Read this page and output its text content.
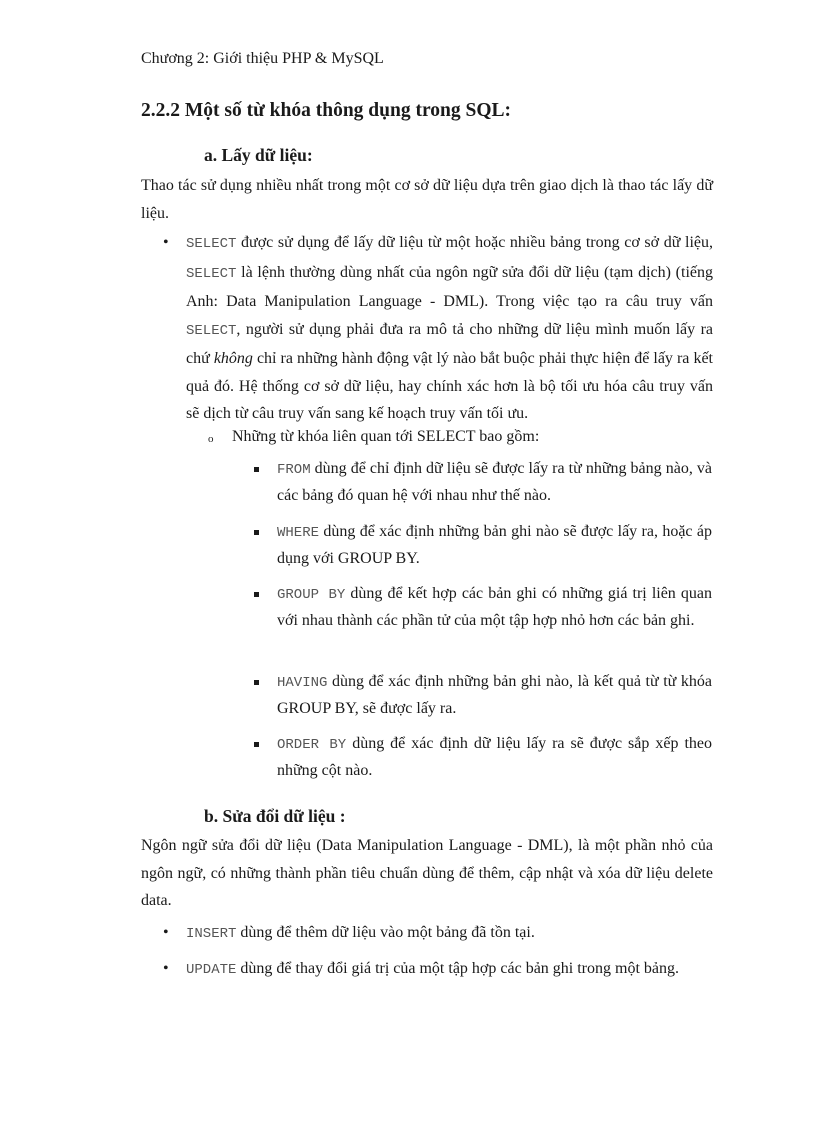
Chương 2: Giới thiệu PHP & MySQL
2.2.2 Một số từ khóa thông dụng trong SQL:
a. Lấy dữ liệu:
Thao tác sử dụng nhiều nhất trong một cơ sở dữ liệu dựa trên giao dịch là thao tác lấy dữ liệu.
• SELECT được sử dụng để lấy dữ liệu từ một hoặc nhiều bảng trong cơ sở dữ liệu, SELECT là lệnh thường dùng nhất của ngôn ngữ sửa đổi dữ liệu (tạm dịch) (tiếng Anh: Data Manipulation Language - DML). Trong việc tạo ra câu truy vấn SELECT, người sử dụng phải đưa ra mô tả cho những dữ liệu mình muốn lấy ra chứ không chỉ ra những hành động vật lý nào bắt buộc phải thực hiện để lấy ra kết quả đó. Hệ thống cơ sở dữ liệu, hay chính xác hơn là bộ tối ưu hóa câu truy vấn sẽ dịch từ câu truy vấn sang kế hoạch truy vấn tối ưu.
o Những từ khóa liên quan tới SELECT bao gồm:
FROM dùng để chỉ định dữ liệu sẽ được lấy ra từ những bảng nào, và các bảng đó quan hệ với nhau như thế nào.
WHERE dùng để xác định những bản ghi nào sẽ được lấy ra, hoặc áp dụng với GROUP BY.
GROUP BY dùng để kết hợp các bản ghi có những giá trị liên quan với nhau thành các phần tử của một tập hợp nhỏ hơn các bản ghi.
HAVING dùng để xác định những bản ghi nào, là kết quả từ từ khóa GROUP BY, sẽ được lấy ra.
ORDER BY dùng để xác định dữ liệu lấy ra sẽ được sắp xếp theo những cột nào.
b. Sửa đổi dữ liệu :
Ngôn ngữ sửa đổi dữ liệu (Data Manipulation Language - DML), là một phần nhỏ của ngôn ngữ, có những thành phần tiêu chuẩn dùng để thêm, cập nhật và xóa dữ liệu delete data.
• INSERT dùng để thêm dữ liệu vào một bảng đã tồn tại.
• UPDATE dùng để thay đổi giá trị của một tập hợp các bản ghi trong một bảng.
